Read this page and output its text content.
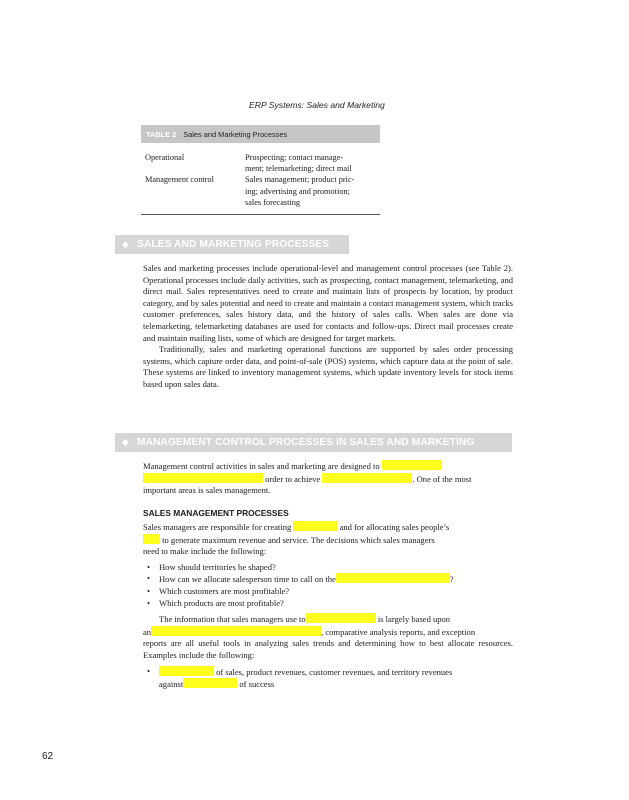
ERP Systems: Sales and Marketing
TABLE 2 Sales and Marketing Processes
Operational	Prospecting; contact manage-
ment; telemarketing; direct mail
Management control	Sales management; product pric-
ing; advertising and promotion;
sales forecasting
◆ SALES AND MARKETING PROCESSES

Sales and marketing processes include operational-level and management control processes (see Table 2). Operational processes include daily activities, such as prospecting, contact management, telemarketing, and direct mail. Sales representatives need to create and maintain lists of prospects by location, by product category, and by sales potential and need to create and maintain a contact management system, which tracks customer preferences, sales history data, and the history of sales calls. When sales are done via telemarketing, telemarketing databases are used for contacts and follow-ups. Direct mail processes create and maintain mailing lists, some of which are designed for target markets.

Traditionally, sales and marketing operational functions are supported by sales order processing systems, which capture order data, and point-of-sale (POS) systems, which capture data at the point of sale. These systems are linked to inventory management systems, which update inventory levels for stock items based upon sales data.

◆ MANAGEMENT CONTROL PROCESSES IN SALES AND MARKETING
Management control activities in sales and marketing are designed to
order to achieve	. One of the most
important areas is sales management.
SALES MANAGEMENT PROCESSES
Sales managers are responsible for creating	and for allocating sales people’s
to generate maximum revenue and service. The decisions which sales managers
need to make include the following:
• How should territories be shaped?
• How can we allocate salesperson time to call on the	?
• Which customers are most profitable?
• Which products are most profitable?
The information that sales managers use to	is largely based upon
an	, comparative analysis reports, and exception

reports are all useful tools in analyzing sales trends and determining how to best allocate resources. Examples include the following:

• of sales, product revenues, customer revenues, and territory revenues
against	of success
62
